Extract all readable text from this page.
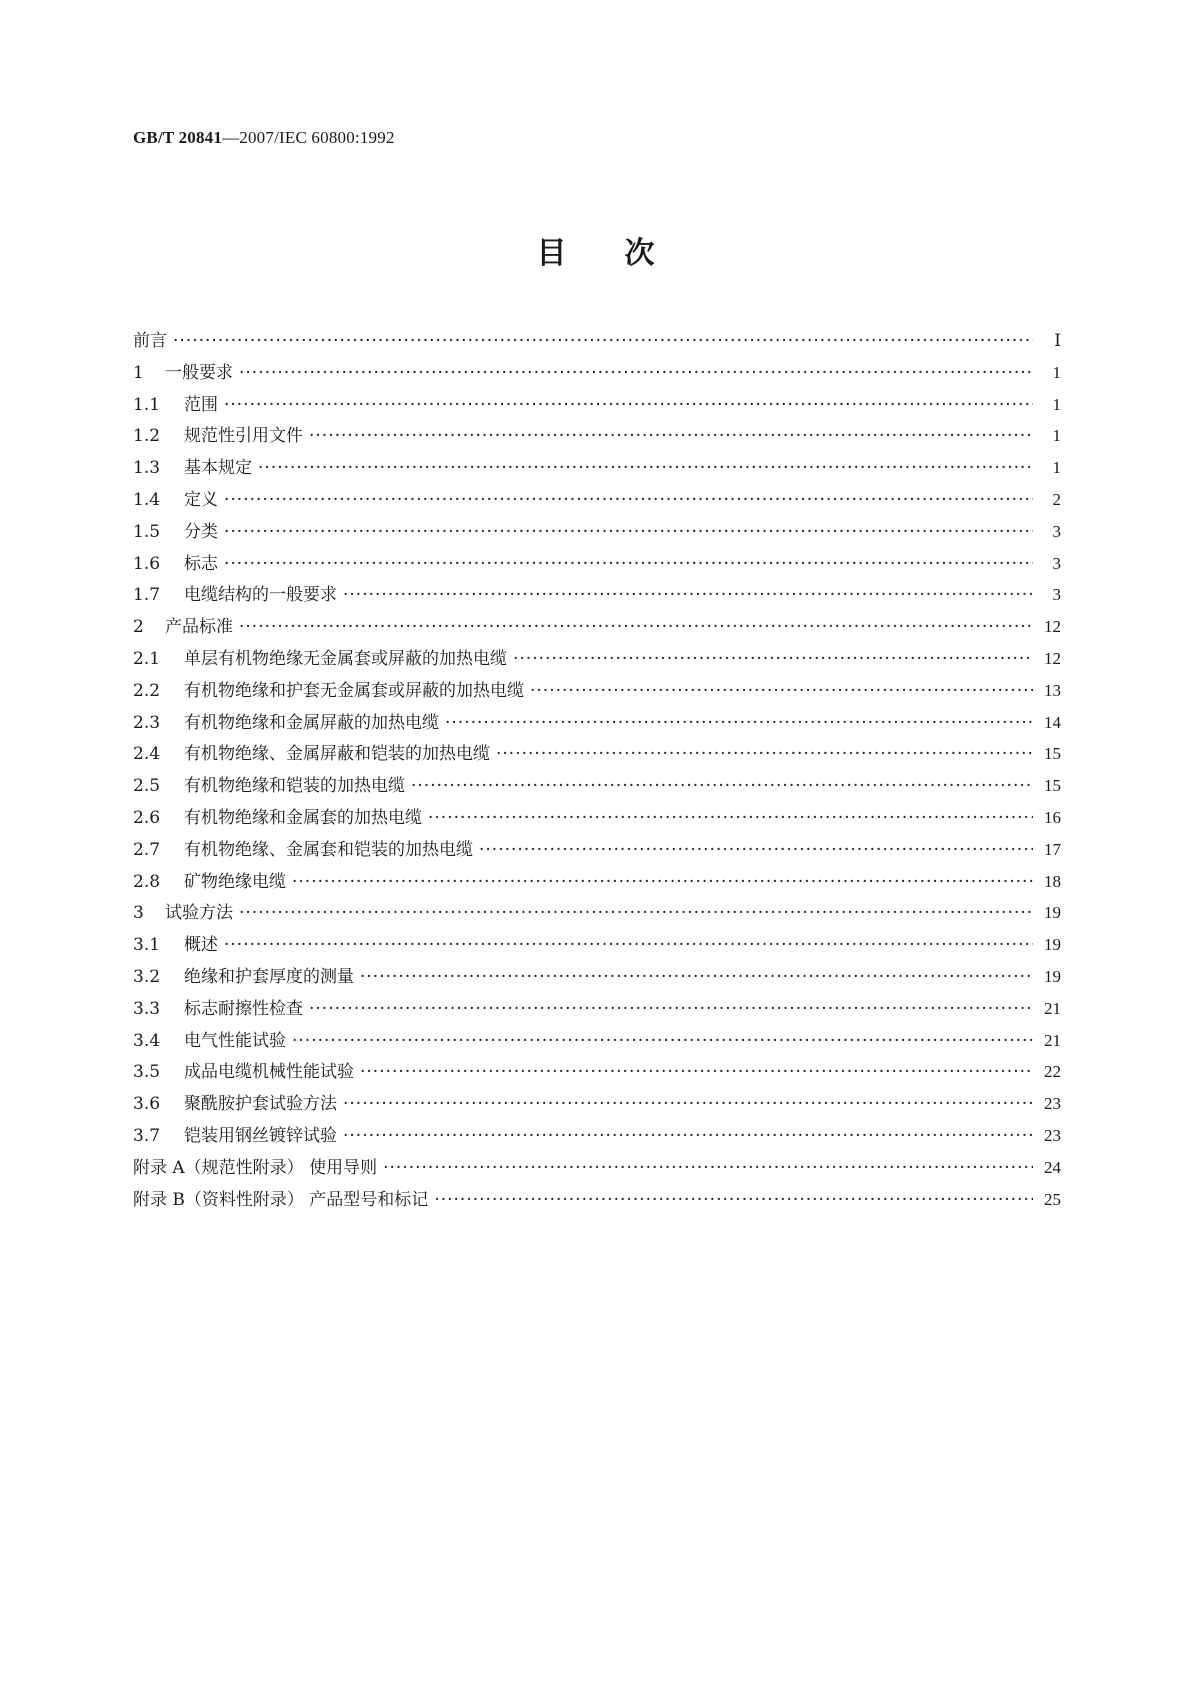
GB/T 20841—2007/IEC 60800:1992
目次
前言 ·····	Ⅰ
1	一般要求 ·····	1
1.1	范围 ·····	1
1.2	规范性引用文件 ·····	1
1.3	基本规定 ·····	1
1.4	定义 ·····	2
1.5	分类 ·····	3
1.6	标志 ·····	3
1.7	电缆结构的一般要求 ·····	3
2	产品标准 ·····	12
2.1	单层有机物绝缘无金属套或屏蔽的加热电缆 ·····	12
2.2	有机物绝缘和护套无金属套或屏蔽的加热电缆 ·····	13
2.3	有机物绝缘和金属屏蔽的加热电缆 ·····	14
2.4	有机物绝缘、金属屏蔽和铠装的加热电缆 ·····	15
2.5	有机物绝缘和铠装的加热电缆 ·····	15
2.6	有机物绝缘和金属套的加热电缆 ·····	16
2.7	有机物绝缘、金属套和铠装的加热电缆 ·····	17
2.8	矿物绝缘电缆 ·····	18
3	试验方法 ·····	19
3.1	概述 ·····	19
3.2	绝缘和护套厚度的测量 ·····	19
3.3	标志耐擦性检查 ·····	21
3.4	电气性能试验 ·····	21
3.5	成品电缆机械性能试验 ·····	22
3.6	聚酰胺护套试验方法 ·····	23
3.7	铠装用钢丝镀锌试验 ·····	23
附录 A（规范性附录） 使用导则 ·····	24
附录 B（资料性附录） 产品型号和标记 ·····	25
